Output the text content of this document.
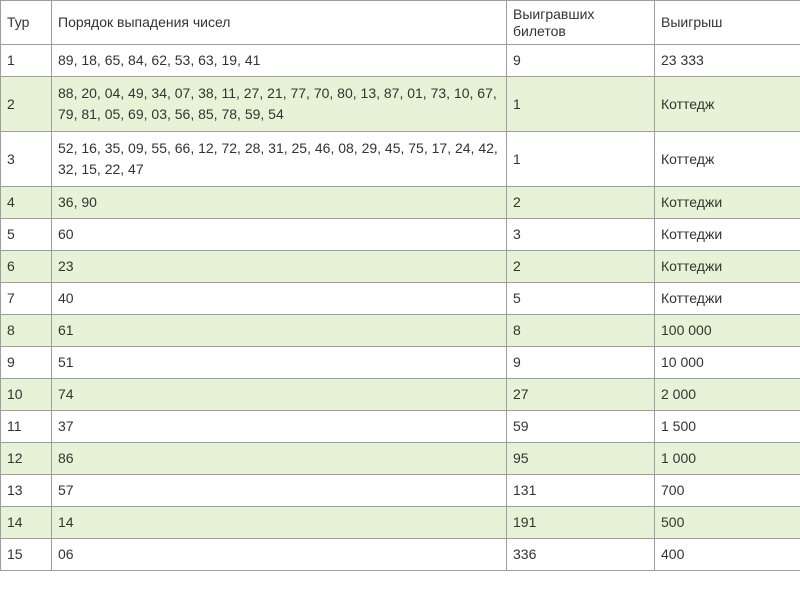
Тур	Порядок выпадения чисел	Выигравших билетов	Выигрыш
1	89, 18, 65, 84, 62, 53, 63, 19, 41	9	23 333
2	88, 20, 04, 49, 34, 07, 38, 11, 27, 21, 77, 70, 80, 13, 87, 01, 73, 10, 67, 79, 81, 05, 69, 03, 56, 85, 78, 59, 54	1	Коттедж
3	52, 16, 35, 09, 55, 66, 12, 72, 28, 31, 25, 46, 08, 29, 45, 75, 17, 24, 42, 32, 15, 22, 47	1	Коттедж
4	36, 90	2	Коттеджи
5	60	3	Коттеджи
6	23	2	Коттеджи
7	40	5	Коттеджи
8	61	8	100 000
9	51	9	10 000
10	74	27	2 000
11	37	59	1 500
12	86	95	1 000
13	57	131	700
14	14	191	500
15	06	336	400
